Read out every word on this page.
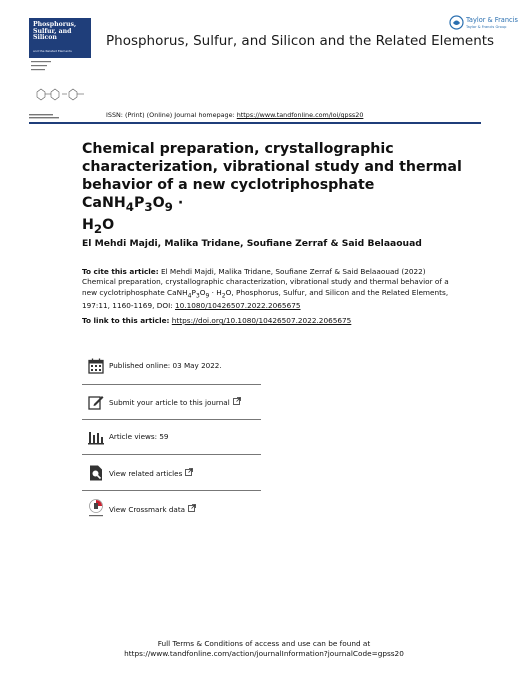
Phosphorus,
Sulfur, and
Silicon
and the Related Elements
Phosphorus, Sulfur, and Silicon and the Related Elements
Taylor & Francis
Taylor & Francis Group
ISSN: (Print) (Online) Journal homepage: https://www.tandfonline.com/loi/gpss20
Chemical preparation, crystallographic
characterization, vibrational study and thermal
behavior of a new cyclotriphosphate $CaNH_4P_3O_9$ ·
$H_2O$
El Mehdi Majdi, Malika Tridane, Soufiane Zerraf & Said Belaaouad
To cite this article: El Mehdi Majdi, Malika Tridane, Soufiane Zerraf & Said Belaaouad (2022) Chemical preparation, crystallographic characterization, vibrational study and thermal behavior of a new cyclotriphosphate $CaNH_4P_3O_9 \cdot H_2O$, Phosphorus, Sulfur, and Silicon and the Related Elements, 197:11, 1160-1169, DOI: 10.1080/10426507.2022.2065675
To link to this article: https://doi.org/10.1080/10426507.2022.2065675
Published online: 03 May 2022.
Submit your article to this journal
Article views: 59
View related articles
View Crossmark data
Full Terms & Conditions of access and use can be found at
https://www.tandfonline.com/action/journalInformation?journalCode=gpss20
